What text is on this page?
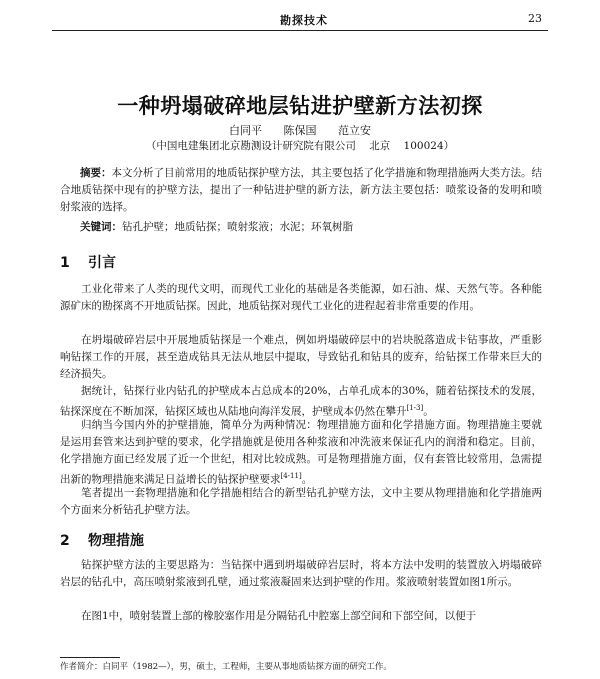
勘探技术	23
一种坍塌破碎地层钻进护壁新方法初探
白同平 陈保国 范立安
（中国电建集团北京勘测设计研究院有限公司 北京 100024）

摘要：本文分析了目前常用的地质钻探护壁方法，其主要包括了化学措施和物理措施两大类方法。结合地质钻探中现有的护壁方法，提出了一种钻进护壁的新方法，新方法主要包括：喷浆设备的发明和喷射浆液的选择。

关键词：钻孔护壁；地质钻探；喷射浆液；水泥；环氧树脂

1 引言

工业化带来了人类的现代文明，而现代工业化的基础是各类能源，如石油、煤、天然气等。各种能源矿床的勘探离不开地质钻探。因此，地质钻探对现代工业化的进程起着非常重要的作用。

在坍塌破碎岩层中开展地质钻探是一个难点，例如坍塌破碎层中的岩块脱落造成卡钻事故，严重影响钻探工作的开展，甚至造成钻具无法从地层中提取，导致钻孔和钻具的废弃，给钻探工作带来巨大的经济损失。

据统计，钻探行业内钻孔的护壁成本占总成本的20%，占单孔成本的30%，随着钻探技术的发展，钻探深度在不断加深，钻探区域也从陆地向海洋发展，护壁成本仍然在攀升[1-3]。

归纳当今国内外的护壁措施，简单分为两种情况：物理措施方面和化学措施方面。物理措施主要就是运用套管来达到护壁的要求，化学措施就是使用各种浆液和冲洗液来保证孔内的润滑和稳定。目前，化学措施方面已经发展了近一个世纪，相对比较成熟。可是物理措施方面，仅有套管比较常用，急需提出新的物理措施来满足日益增长的钻探护壁要求[4-11]。

笔者提出一套物理措施和化学措施相结合的新型钻孔护壁方法，文中主要从物理措施和化学措施两个方面来分析钻孔护壁方法。

2 物理措施

钻探护壁方法的主要思路为：当钻探中遇到坍塌破碎岩层时，将本方法中发明的装置放入坍塌破碎岩层的钻孔中，高压喷射浆液到孔壁，通过浆液凝固来达到护壁的作用。浆液喷射装置如图1所示。

在图1中，喷射装置上部的橡胶塞作用是分隔钻孔中腔塞上部空间和下部空间，以便于

作者简介：白同平（1982—），男，硕士，工程师，主要从事地质钻探方面的研究工作。
